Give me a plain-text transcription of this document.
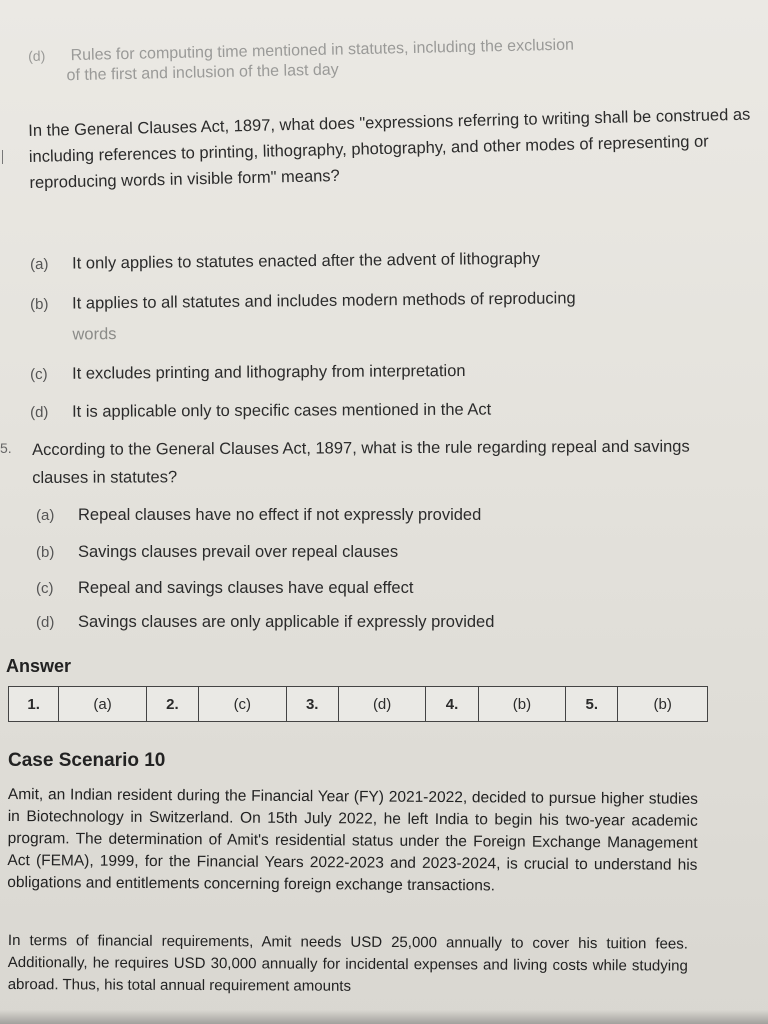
(d) Rules for computing time mentioned in statutes, including the exclusion
of the first and inclusion of the last day
In the General Clauses Act, 1897, what does "expressions referring to writing shall be construed as including references to printing, lithography, photography, and other modes of representing or reproducing words in visible form" means?
(a) It only applies to statutes enacted after the advent of lithography
(b) It applies to all statutes and includes modern methods of reproducing
words
(c) It excludes printing and lithography from interpretation
(d) It is applicable only to specific cases mentioned in the Act
5. According to the General Clauses Act, 1897, what is the rule regarding repeal and savings clauses in statutes?
(a) Repeal clauses have no effect if not expressly provided
(b) Savings clauses prevail over repeal clauses
(c) Repeal and savings clauses have equal effect
(d) Savings clauses are only applicable if expressly provided
Answer
1.	(a)	2.	(c)	3.	(d)	4.	(b)	5.	(b)
Case Scenario 10
Amit, an Indian resident during the Financial Year (FY) 2021-2022, decided to pursue higher studies in Biotechnology in Switzerland. On 15th July 2022, he left India to begin his two-year academic program. The determination of Amit's residential status under the Foreign Exchange Management Act (FEMA), 1999, for the Financial Years 2022-2023 and 2023-2024, is crucial to understand his obligations and entitlements concerning foreign exchange transactions.
In terms of financial requirements, Amit needs USD 25,000 annually to cover his tuition fees. Additionally, he requires USD 30,000 annually for incidental expenses and living costs while studying abroad. Thus, his total annual requirement amounts
